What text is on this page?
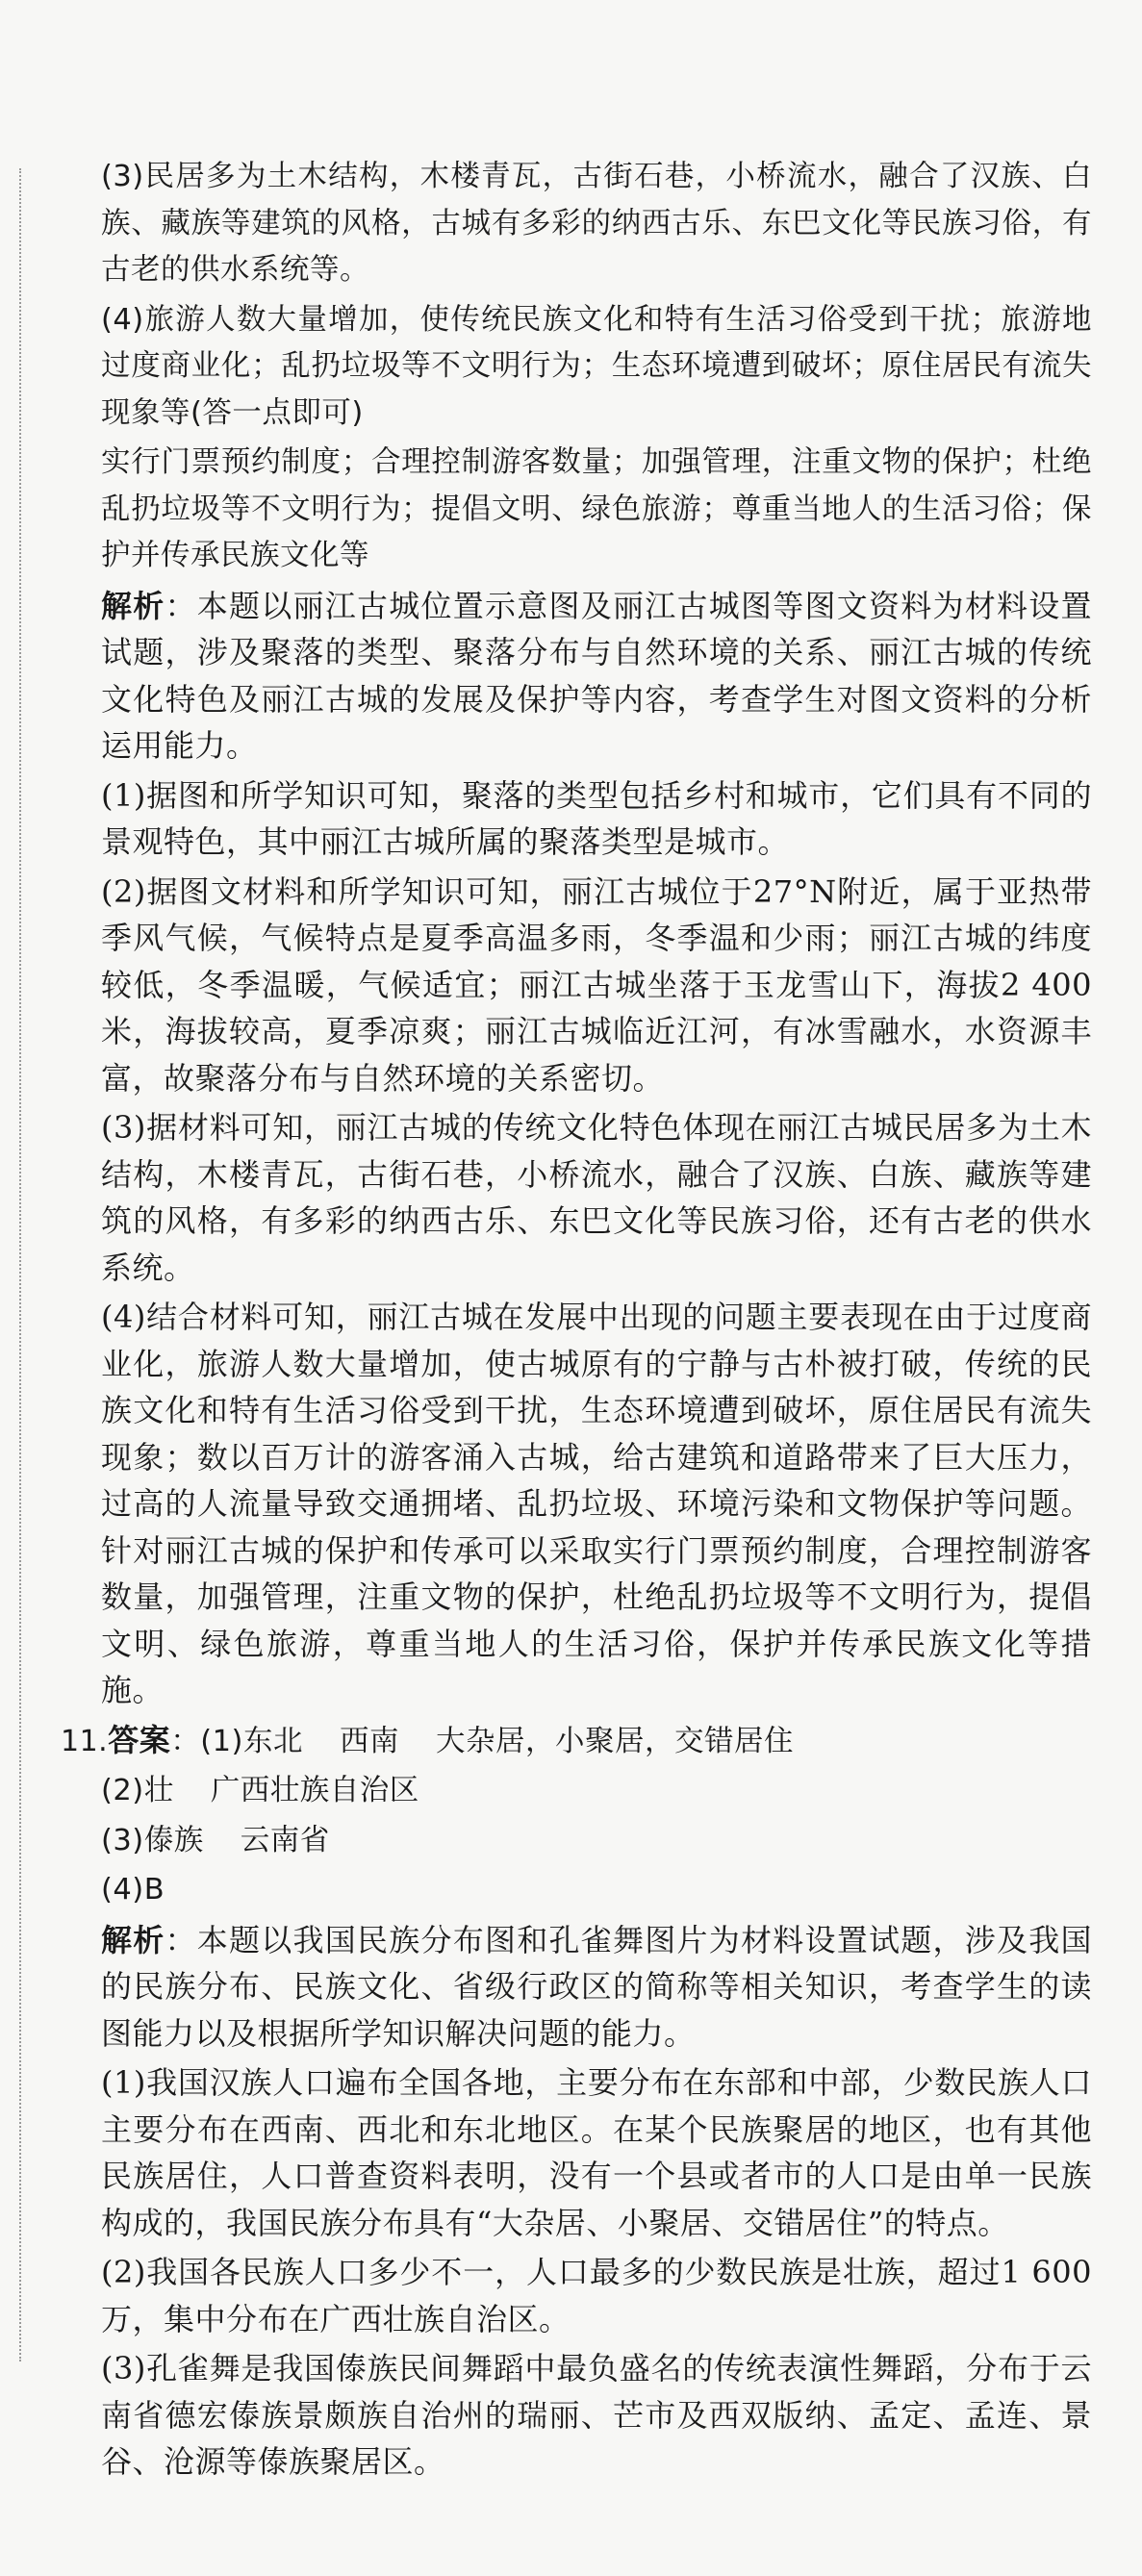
(3)民居多为土木结构，木楼青瓦，古街石巷，小桥流水，融合了汉族、白族、藏族等建筑的风格，古城有多彩的纳西古乐、东巴文化等民族习俗，有古老的供水系统等。

(4)旅游人数大量增加，使传统民族文化和特有生活习俗受到干扰；旅游地过度商业化；乱扔垃圾等不文明行为；生态环境遭到破坏；原住居民有流失现象等(答一点即可)

实行门票预约制度；合理控制游客数量；加强管理，注重文物的保护；杜绝乱扔垃圾等不文明行为；提倡文明、绿色旅游；尊重当地人的生活习俗；保护并传承民族文化等

解析：本题以丽江古城位置示意图及丽江古城图等图文资料为材料设置试题，涉及聚落的类型、聚落分布与自然环境的关系、丽江古城的传统文化特色及丽江古城的发展及保护等内容，考查学生对图文资料的分析运用能力。

(1)据图和所学知识可知，聚落的类型包括乡村和城市，它们具有不同的景观特色，其中丽江古城所属的聚落类型是城市。

(2)据图文材料和所学知识可知，丽江古城位于27°N附近，属于亚热带季风气候，气候特点是夏季高温多雨，冬季温和少雨；丽江古城的纬度较低，冬季温暖，气候适宜；丽江古城坐落于玉龙雪山下，海拔2 400米，海拔较高，夏季凉爽；丽江古城临近江河，有冰雪融水，水资源丰富，故聚落分布与自然环境的关系密切。

(3)据材料可知，丽江古城的传统文化特色体现在丽江古城民居多为土木结构，木楼青瓦，古街石巷，小桥流水，融合了汉族、白族、藏族等建筑的风格，有多彩的纳西古乐、东巴文化等民族习俗，还有古老的供水系统。

(4)结合材料可知，丽江古城在发展中出现的问题主要表现在由于过度商业化，旅游人数大量增加，使古城原有的宁静与古朴被打破，传统的民族文化和特有生活习俗受到干扰，生态环境遭到破坏，原住居民有流失现象；数以百万计的游客涌入古城，给古建筑和道路带来了巨大压力，过高的人流量导致交通拥堵、乱扔垃圾、环境污染和文物保护等问题。针对丽江古城的保护和传承可以采取实行门票预约制度，合理控制游客数量，加强管理，注重文物的保护，杜绝乱扔垃圾等不文明行为，提倡文明、绿色旅游，尊重当地人的生活习俗，保护并传承民族文化等措施。

11.答案：(1)东北 西南 大杂居，小聚居，交错居住

(2)壮 广西壮族自治区

(3)傣族 云南省

(4)B

解析：本题以我国民族分布图和孔雀舞图片为材料设置试题，涉及我国的民族分布、民族文化、省级行政区的简称等相关知识，考查学生的读图能力以及根据所学知识解决问题的能力。

(1)我国汉族人口遍布全国各地，主要分布在东部和中部，少数民族人口主要分布在西南、西北和东北地区。在某个民族聚居的地区，也有其他民族居住，人口普查资料表明，没有一个县或者市的人口是由单一民族构成的，我国民族分布具有“大杂居、小聚居、交错居住”的特点。

(2)我国各民族人口多少不一，人口最多的少数民族是壮族，超过1 600万，集中分布在广西壮族自治区。

(3)孔雀舞是我国傣族民间舞蹈中最负盛名的传统表演性舞蹈，分布于云南省德宏傣族景颇族自治州的瑞丽、芒市及西双版纳、孟定、孟连、景谷、沧源等傣族聚居区。
